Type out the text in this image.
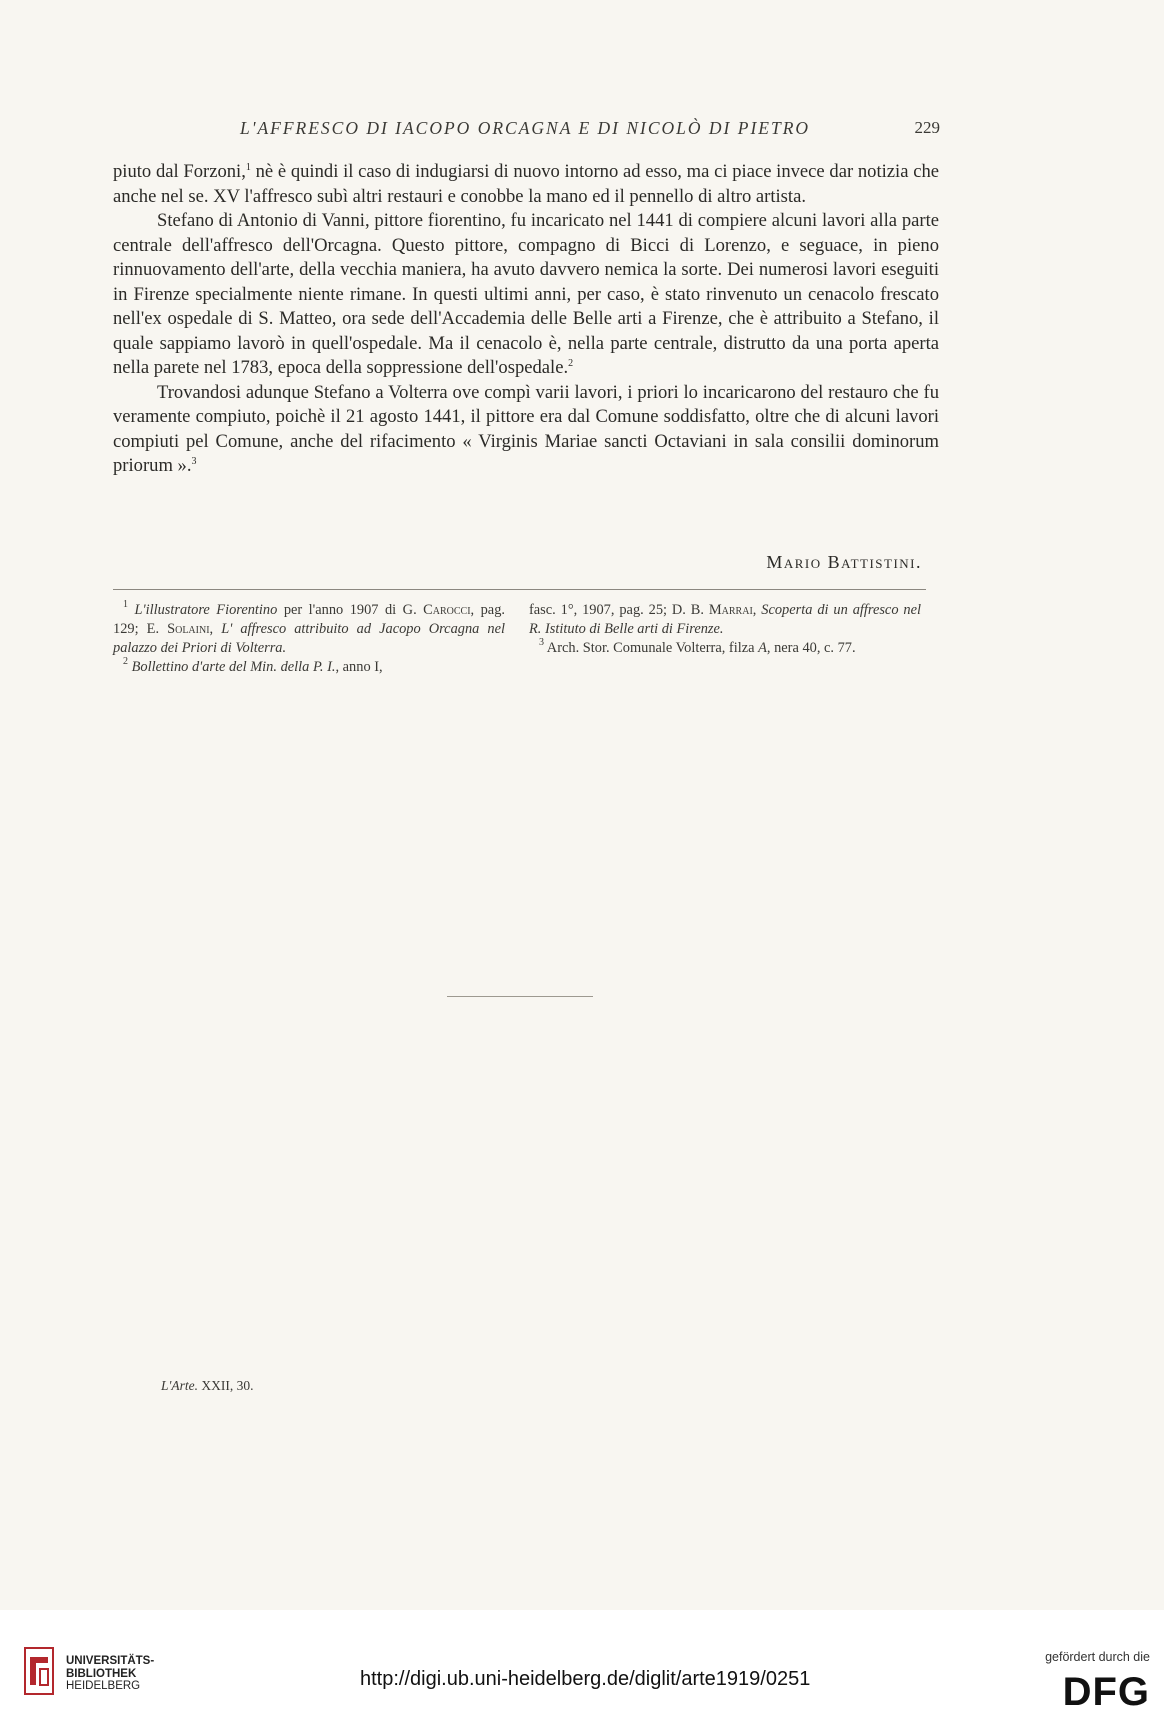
L'AFFRESCO DI IACOPO ORCAGNA E DI NICOLÒ DI PIETRO	229

piuto dal Forzoni,$^1$ nè è quindi il caso di indugiarsi di nuovo intorno ad esso, ma ci piace invece dar notizia che anche nel se. XV l'affresco subì altri restauri e conobbe la mano ed il pennello di altro artista.

Stefano di Antonio di Vanni, pittore fiorentino, fu incaricato nel 1441 di compiere alcuni lavori alla parte centrale dell'affresco dell'Orcagna. Questo pittore, compagno di Bicci di Lorenzo, e seguace, in pieno rinnuovamento dell'arte, della vecchia maniera, ha avuto davvero nemica la sorte. Dei numerosi lavori eseguiti in Firenze specialmente niente rimane. In questi ultimi anni, per caso, è stato rinvenuto un cenacolo frescato nell'ex ospedale di S. Matteo, ora sede dell'Accademia delle Belle arti a Firenze, che è attribuito a Stefano, il quale sappiamo lavorò in quell'ospedale. Ma il cenacolo è, nella parte centrale, distrutto da una porta aperta nella parete nel 1783, epoca della soppressione dell'ospedale.$^2$

Trovandosi adunque Stefano a Volterra ove compì varii lavori, i priori lo incaricarono del restauro che fu veramente compiuto, poichè il 21 agosto 1441, il pittore era dal Comune soddisfatto, oltre che di alcuni lavori compiuti pel Comune, anche del rifacimento « Virginis Mariae sancti Octaviani in sala consilii dominorum priorum ».$^3$

Mario Battistini.

$^1$ L'illustratore Fiorentino per l'anno 1907 di G. Carocci, pag. 129; E. Solaini, L' affresco attribuito ad Jacopo Orcagna nel palazzo dei Priori di Volterra.

$^2$ Bollettino d'arte del Min. della P. I., anno I,

fasc. 1°, 1907, pag. 25; D. B. Marrai, Scoperta di un affresco nel R. Istituto di Belle arti di Firenze.

$^3$ Arch. Stor. Comunale Volterra, filza A, nera 40, c. 77.

L'Arte. XXII, 30.
UNIVERSITÄTS-
BIBLIOTHEK
HEIDELBERG	http://digi.ub.uni-heidelberg.de/diglit/arte1919/0251
gefördert durch die
DFG
